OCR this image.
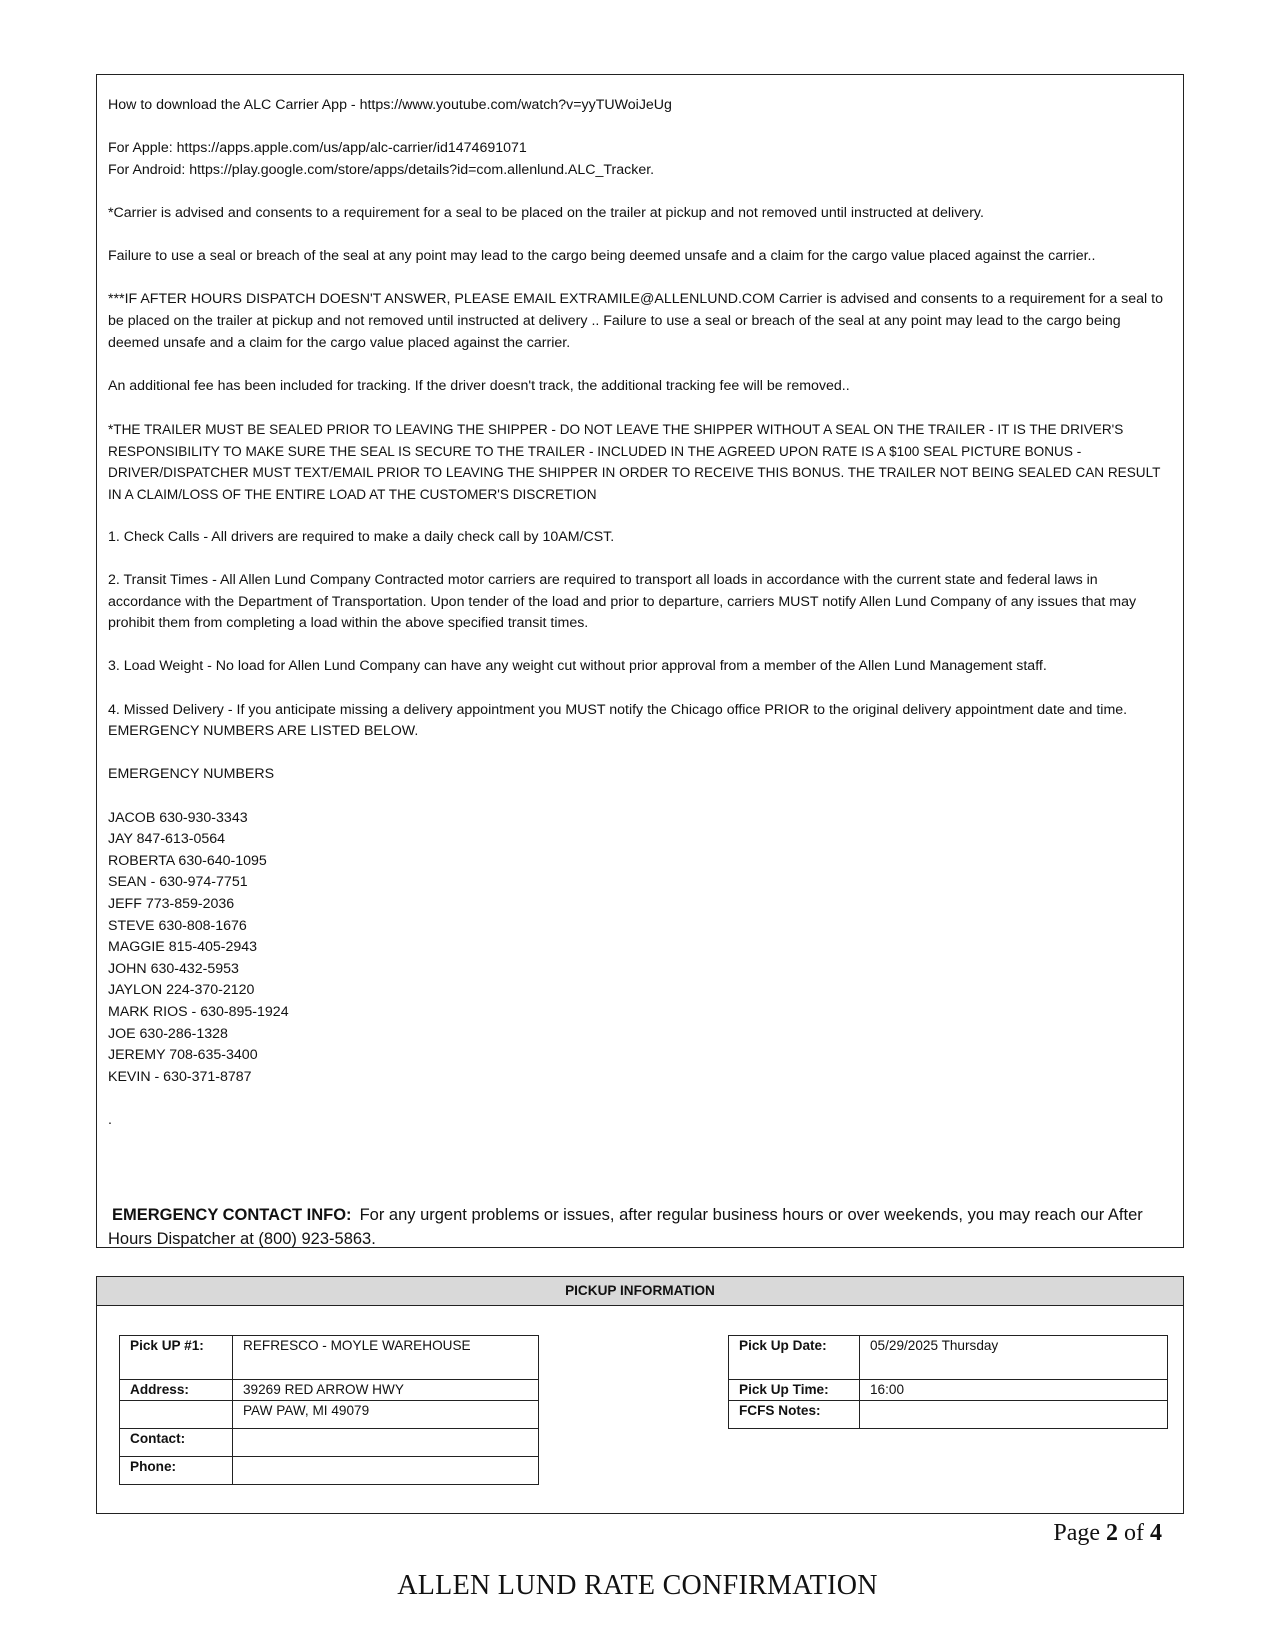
How to download the ALC Carrier App - https://www.youtube.com/watch?v=yyTUWoiJeUg

For Apple: https://apps.apple.com/us/app/alc-carrier/id1474691071

For Android: https://play.google.com/store/apps/details?id=com.allenlund.ALC_Tracker.

*Carrier is advised and consents to a requirement for a seal to be placed on the trailer at pickup and not removed until instructed at delivery.

Failure to use a seal or breach of the seal at any point may lead to the cargo being deemed unsafe and a claim for the cargo value placed against the carrier..

***IF AFTER HOURS DISPATCH DOESN'T ANSWER, PLEASE EMAIL EXTRAMILE@ALLENLUND.COM Carrier is advised and consents to a requirement for a seal to be placed on the trailer at pickup and not removed until instructed at delivery .. Failure to use a seal or breach of the seal at any point may lead to the cargo being deemed unsafe and a claim for the cargo value placed against the carrier.

An additional fee has been included for tracking. If the driver doesn't track, the additional tracking fee will be removed..

*THE TRAILER MUST BE SEALED PRIOR TO LEAVING THE SHIPPER - DO NOT LEAVE THE SHIPPER WITHOUT A SEAL ON THE TRAILER - IT IS THE DRIVER'S RESPONSIBILITY TO MAKE SURE THE SEAL IS SECURE TO THE TRAILER - INCLUDED IN THE AGREED UPON RATE IS A $100 SEAL PICTURE BONUS - DRIVER/DISPATCHER MUST TEXT/EMAIL PRIOR TO LEAVING THE SHIPPER IN ORDER TO RECEIVE THIS BONUS. THE TRAILER NOT BEING SEALED CAN RESULT IN A CLAIM/LOSS OF THE ENTIRE LOAD AT THE CUSTOMER'S DISCRETION

1. Check Calls - All drivers are required to make a daily check call by 10AM/CST.

2. Transit Times - All Allen Lund Company Contracted motor carriers are required to transport all loads in accordance with the current state and federal laws in accordance with the Department of Transportation. Upon tender of the load and prior to departure, carriers MUST notify Allen Lund Company of any issues that may prohibit them from completing a load within the above specified transit times.

3. Load Weight - No load for Allen Lund Company can have any weight cut without prior approval from a member of the Allen Lund Management staff.

4. Missed Delivery - If you anticipate missing a delivery appointment you MUST notify the Chicago office PRIOR to the original delivery appointment date and time. EMERGENCY NUMBERS ARE LISTED BELOW.

EMERGENCY NUMBERS

JACOB 630-930-3343
JAY 847-613-0564
ROBERTA 630-640-1095
SEAN - 630-974-7751
JEFF 773-859-2036
STEVE 630-808-1676
MAGGIE 815-405-2943
JOHN 630-432-5953
JAYLON 224-370-2120
MARK RIOS - 630-895-1924
JOE 630-286-1328
JEREMY 708-635-3400
KEVIN - 630-371-8787

.

EMERGENCY CONTACT INFO: For any urgent problems or issues, after regular business hours or over weekends, you may reach our After Hours Dispatcher at (800) 923-5863.
PICKUP INFORMATION
Pick UP #1:	REFRESCO - MOYLE WAREHOUSE
Address:	39269 RED ARROW HWY
	PAW PAW, MI 49079
Contact:	
Phone:	
Pick Up Date:	05/29/2025 Thursday
Pick Up Time:	16:00
FCFS Notes:	
Page 2 of 4
ALLEN LUND RATE CONFIRMATION
